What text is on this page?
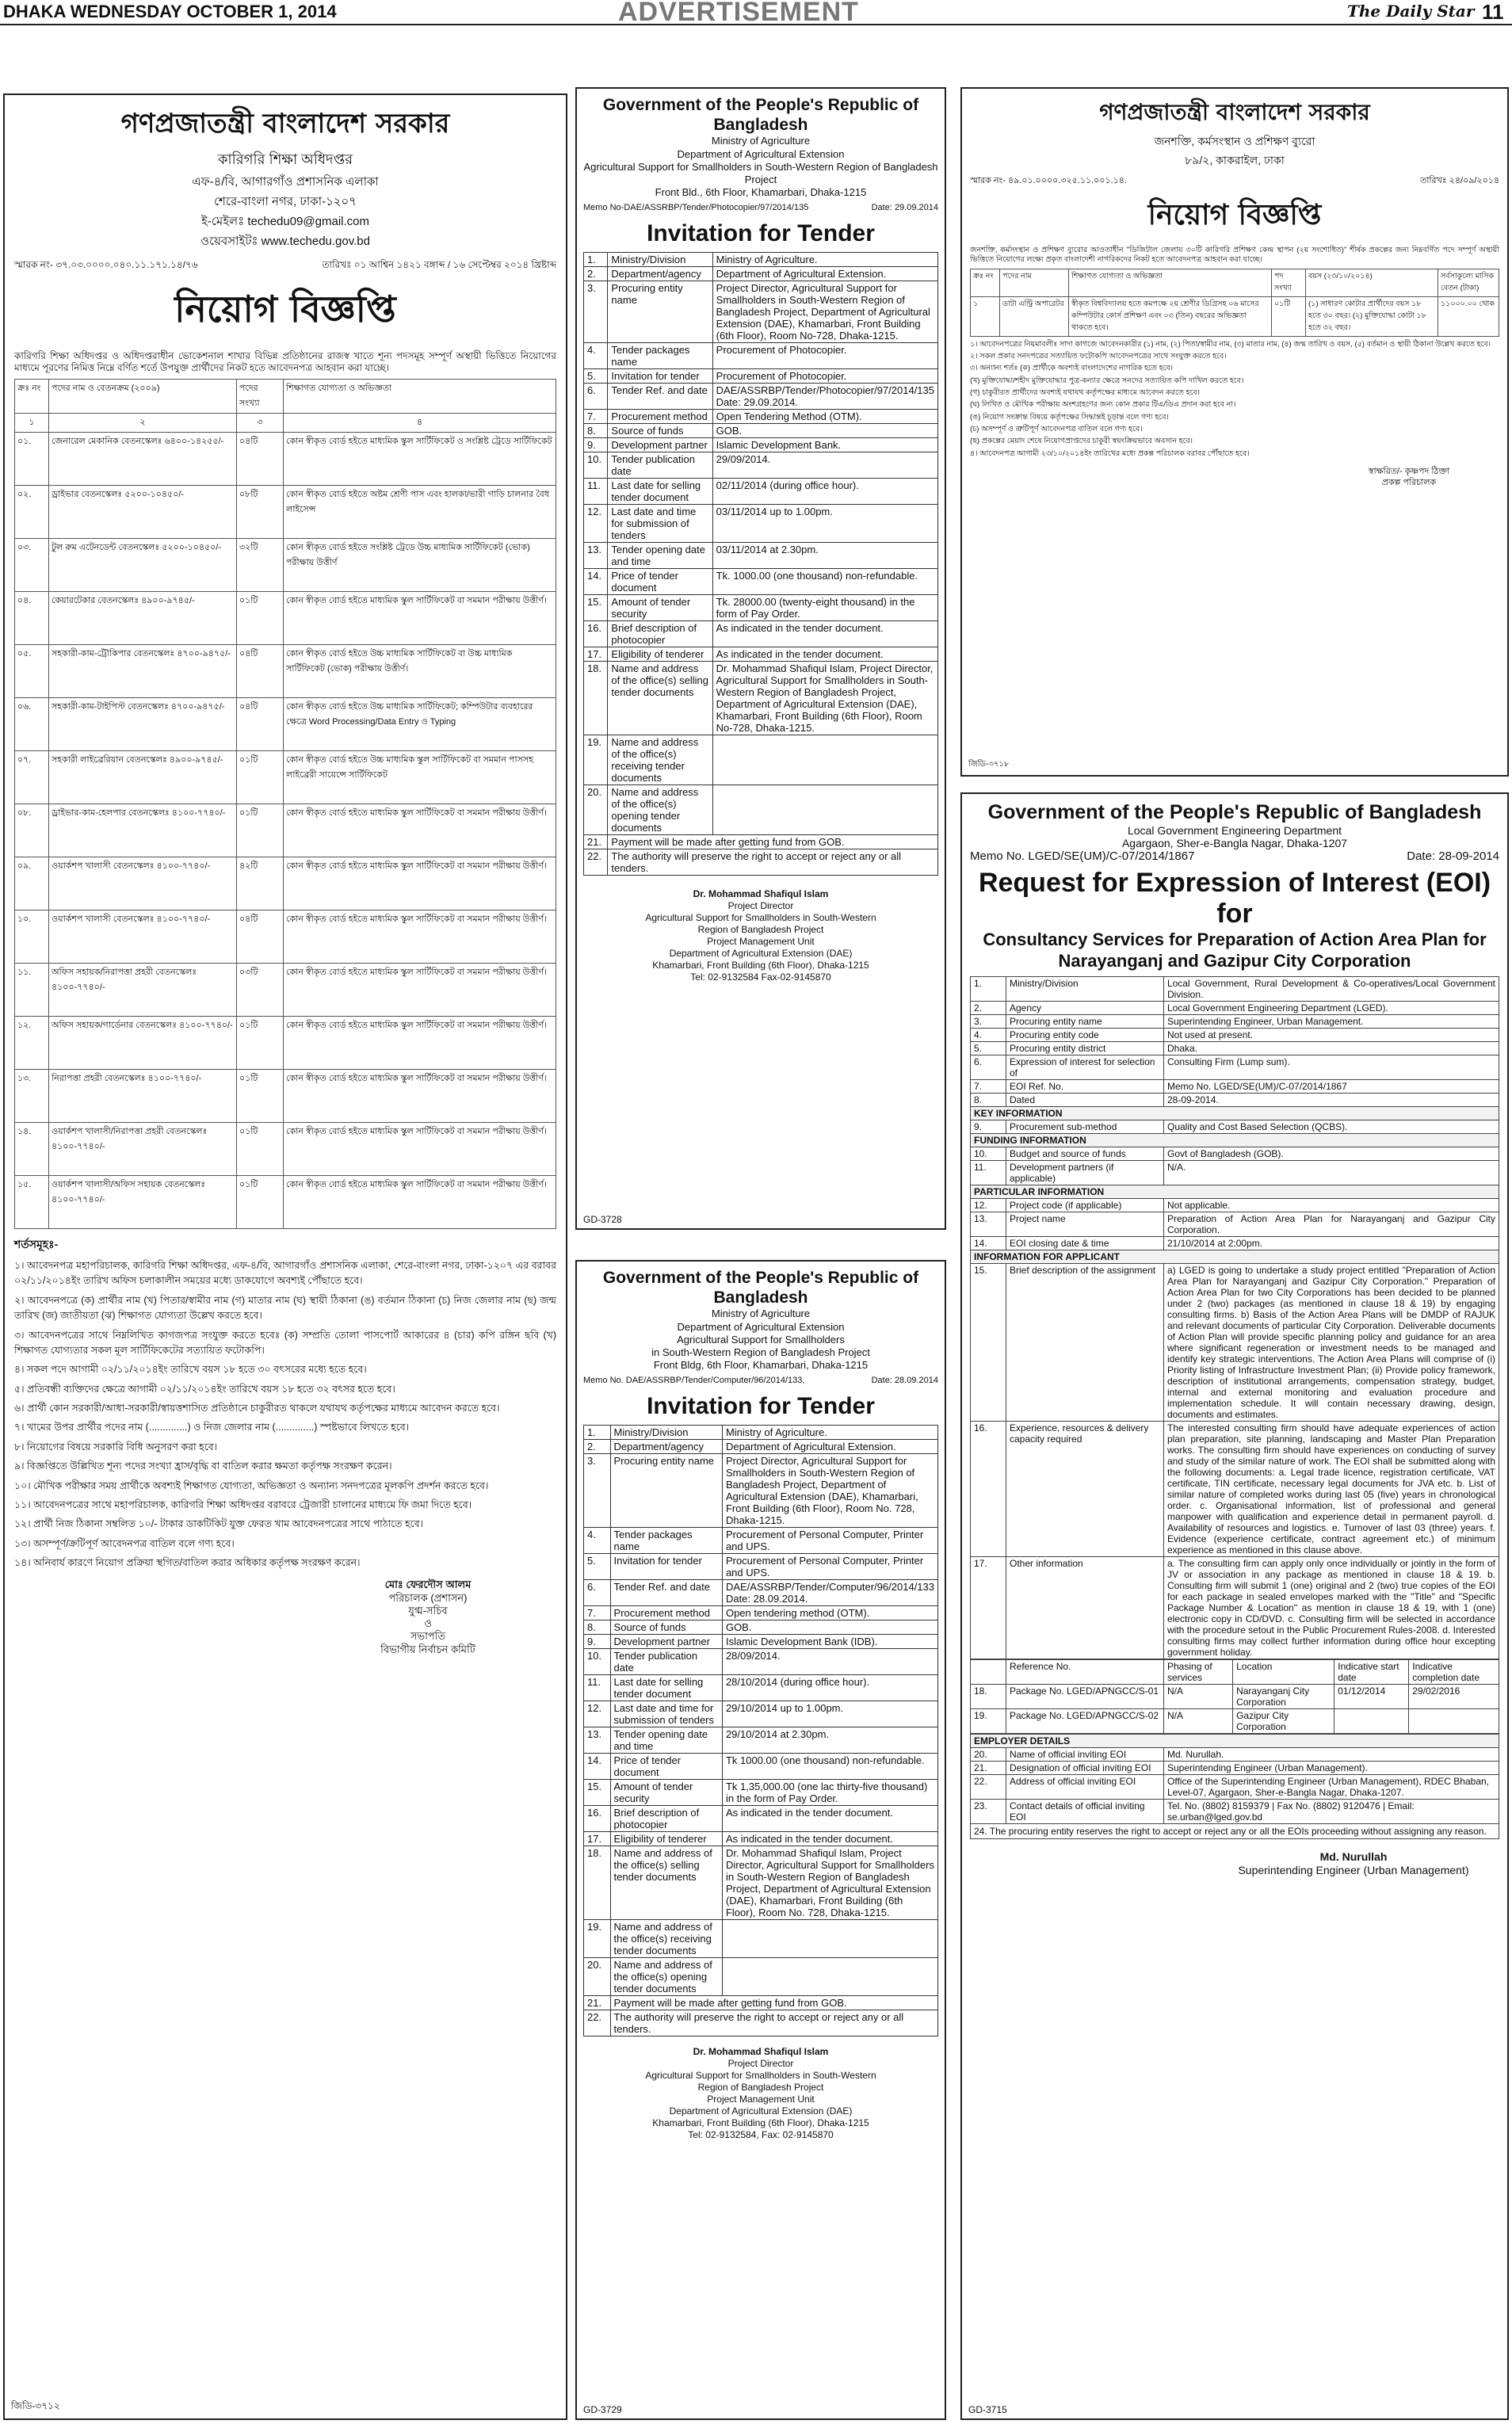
DHAKA WEDNESDAY OCTOBER 1, 2014	ADVERTISEMENT	The Daily Star 11
গণপ্রজাতন্ত্রী বাংলাদেশ সরকার
কারিগরি শিক্ষা অধিদপ্তর
এফ-৪/বি, আগারগাঁও প্রশাসনিক এলাকা
শেরে-বাংলা নগর, ঢাকা-১২০৭
ই-মেইলঃ techedu09@gmail.com
ওয়েবসাইটঃ www.techedu.gov.bd
স্মারক নং- ৩৭.০৩.০০০০.০৪০.১১.১৭১.১৪/৭৬	তারিখঃ ০১ আশ্বিন ১৪২১ বঙ্গাব্দ / ১৬ সেপ্টেম্বর ২০১৪ খ্রিষ্টাব্দ
নিয়োগ বিজ্ঞপ্তি
কারিগরি শিক্ষা অধিদপ্তর ও অধিদপ্তরাধীন ভোকেশনাল শাখার বিভিন্ন প্রতিষ্ঠানের রাজস্ব খাতে শূন্য পদসমূহ সম্পূর্ণ অস্থায়ী ভিত্তিতে নিয়োগের মাধ্যমে পূরণের নিমিত্ত নিম্নে বর্ণিত শর্তে উপযুক্ত প্রার্থীদের নিকট হতে আবেদনপত্র আহবান করা যাচ্ছে।
ক্রঃ নং	পদের নাম ও বেতনক্রম (২০০৯)	পদের সংখ্যা	শিক্ষাগত যোগ্যতা ও অভিজ্ঞতা
১	২	৩	৪
০১.	জেনারেল মেকানিক বেতনস্কেলঃ ৬৪০০-১৪২৫৫/-	০৪টি	কোন স্বীকৃত বোর্ড হইতে মাধ্যমিক স্কুল সার্টিফিকেট ও সংশ্লিষ্ট ট্রেডে সার্টিফিকেট
০২.	ড্রাইভার বেতনস্কেলঃ ৫২০০-১০৪৫০/-	০৮টি	কোন স্বীকৃত বোর্ড হইতে অষ্টম শ্রেণী পাস এবং হালকা/ভারী গাড়ি চালনার বৈধ লাইসেন্স
০৩.	টুল রুম এটেনডেন্ট বেতনস্কেলঃ ৫২০০-১০৪৫০/-	৩২টি	কোন স্বীকৃত বোর্ড হইতে সংশ্লিষ্ট ট্রেডে উচ্চ মাধ্যমিক সার্টিফিকেট (ভোক) পরীক্ষায় উত্তীর্ণ
০৪.	কেয়ারটেকার বেতনস্কেলঃ ৪৯০০-৯৭৪৫/-	০১টি	কোন স্বীকৃত বোর্ড হইতে মাধ্যমিক স্কুল সার্টিফিকেট বা সমমান পরীক্ষায় উত্তীর্ণ।
০৫.	সহকারী-কাম-ট্রৌকিপার বেতনস্কেলঃ ৪৭০০-৯৪৭৫/-	০৪টি	কোন স্বীকৃত বোর্ড হইতে উচ্চ মাধ্যমিক সার্টিফিকেট বা উচ্চ মাধ্যমিক সার্টিফিকেট (ভোক) পরীক্ষায় উত্তীর্ণ।
০৬.	সহকারী-কাম-টাইপিস্ট বেতনস্কেলঃ ৪৭০০-৯৪৭৫/-	০৪টি	কোন স্বীকৃত বোর্ড হইতে উচ্চ মাধ্যমিক সার্টিফিকেট; কম্পিউটার ব্যবহারের ক্ষেত্রে Word Processing/Data Entry ও Typing
০৭.	সহকারী লাইব্রেরিয়ান বেতনস্কেলঃ ৪৯০০-৯৭৪৫/-	০১টি	কোন স্বীকৃত বোর্ড হইতে উচ্চ মাধ্যমিক স্কুল সার্টিফিকেট বা সমমান পাসসহ লাইব্রেরী সায়েন্সে সার্টিফিকেট
০৮.	ড্রাইভার-কাম-হেলপার বেতনস্কেলঃ ৪১০০-৭৭৪০/-	০১টি	কোন স্বীকৃত বোর্ড হইতে মাধ্যমিক স্কুল সার্টিফিকেট বা সমমান পরীক্ষায় উত্তীর্ণ।
০৯.	ওয়ার্কশপ খালাসী বেতনস্কেলঃ ৪১০০-৭৭৪০/-	৪২টি	কোন স্বীকৃত বোর্ড হইতে মাধ্যমিক স্কুল সার্টিফিকেট বা সমমান পরীক্ষায় উত্তীর্ণ।
১০.	ওয়ার্কশপ খালাসী বেতনস্কেলঃ ৪১০০-৭৭৪০/-	০৪টি	কোন স্বীকৃত বোর্ড হইতে মাধ্যমিক স্কুল সার্টিফিকেট বা সমমান পরীক্ষায় উত্তীর্ণ।
১১.	অফিস সহায়ক/নিরাপত্তা প্রহরী বেতনস্কেলঃ ৪১০০-৭৭৪০/-	০৩টি	কোন স্বীকৃত বোর্ড হইতে মাধ্যমিক স্কুল সার্টিফিকেট বা সমমান পরীক্ষায় উত্তীর্ণ।
১২.	অফিস সহায়ক/গার্ডেনার বেতনস্কেলঃ ৪১০০-৭৭৪০/-	০১টি	কোন স্বীকৃত বোর্ড হইতে মাধ্যমিক স্কুল সার্টিফিকেট বা সমমান পরীক্ষায় উত্তীর্ণ।
১৩.	নিরাপত্তা প্রহরী বেতনস্কেলঃ ৪১০০-৭৭৪০/-	০১টি	কোন স্বীকৃত বোর্ড হইতে মাধ্যমিক স্কুল সার্টিফিকেট বা সমমান পরীক্ষায় উত্তীর্ণ।
১৪.	ওয়ার্কশপ খালাসী/নিরাপত্তা প্রহরী বেতনস্কেলঃ ৪১০০-৭৭৪০/-	০১টি	কোন স্বীকৃত বোর্ড হইতে মাধ্যমিক স্কুল সার্টিফিকেট বা সমমান পরীক্ষায় উত্তীর্ণ।
১৫.	ওয়ার্কশপ খালাসী/অফিস সহায়ক বেতনস্কেলঃ ৪১০০-৭৭৪০/-	০১টি	কোন স্বীকৃত বোর্ড হইতে মাধ্যমিক স্কুল সার্টিফিকেট বা সমমান পরীক্ষায় উত্তীর্ণ।
শর্তসমূহঃ-
১। আবেদনপত্র মহাপরিচালক, কারিগরি শিক্ষা অধিদপ্তর, এফ-৪/বি, আগারগাঁও প্রশাসনিক এলাকা, শেরে-বাংলা নগর, ঢাকা-১২০৭ এর বরাবর ০২/১১/২০১৪ইং তারিখ অফিস চলাকালীন সময়ের মধ্যে ডাকযোগে অবশ্যই পৌঁছাতে হবে।
২। আবেদনপত্রে (ক) প্রার্থীর নাম (খ) পিতার/স্বামীর নাম (গ) মাতার নাম (ঘ) স্থায়ী ঠিকানা (ঙ) বর্তমান ঠিকানা (চ) নিজ জেলার নাম (ছ) জন্ম তারিখ (জ) জাতীয়তা (ঝ) শিক্ষাগত যোগ্যতা উল্লেখ করতে হবে।
৩। আবেদনপত্রের সাথে নিম্নলিখিত কাগজপত্র সংযুক্ত করতে হবেঃ (ক) সম্প্রতি তোলা পাসপোর্ট আকারের ৪ (চার) কপি রঙ্গিন ছবি (খ) শিক্ষাগত যোগ্যতার সকল মূল সার্টিফিকেটের সত্যায়িত ফটোকপি।
৪। সকল পদে আগামী ০২/১১/২০১৪ইং তারিখে বয়স ১৮ হতে ৩০ বৎসরের মধ্যে হতে হবে।
৫। প্রতিবন্ধী ব্যক্তিদের ক্ষেত্রে আগামী ০২/১১/২০১৪ইং তারিখে বয়স ১৮ হতে ৩২ বৎসর হতে হবে।
৬। প্রার্থী কোন সরকারী/আধা-সরকারী/স্বায়ত্তশাসিত প্রতিষ্ঠানে চাকুরীরত থাকলে যথাযথ কর্তৃপক্ষের মাধ্যমে আবেদন করতে হবে।
৭। খামের উপর প্রার্থীর পদের নাম (..............) ও নিজ জেলার নাম (..............) স্পষ্টভাবে লিখতে হবে।
৮। নিয়োগের বিষয়ে সরকারি বিধি অনুসরণ করা হবে।
৯। বিজ্ঞপ্তিতে উল্লিখিত শূন্য পদের সংখ্যা হ্রাস/বৃদ্ধি বা বাতিল করার ক্ষমতা কর্তৃপক্ষ সংরক্ষণ করেন।
১০। মৌখিক পরীক্ষার সময় প্রার্থীকে অবশ্যই শিক্ষাগত যোগ্যতা, অভিজ্ঞতা ও অন্যান্য সনদপত্রের মূলকপি প্রদর্শন করতে হবে।
১১। আবেদনপত্রের সাথে মহাপরিচালক, কারিগরি শিক্ষা অধিদপ্তর বরাবরে ট্রেজারী চালানের মাধ্যমে ফি জমা দিতে হবে।
১২। প্রার্থী নিজ ঠিকানা সম্বলিত ১০/- টাকার ডাকটিকিট যুক্ত ফেরত খাম আবেদনপত্রের সাথে পাঠাতে হবে।
১৩। অসম্পূর্ণ/ক্রটিপূর্ণ আবেদনপত্র বাতিল বলে গণ্য হবে।
১৪। অনিবার্য কারণে নিয়োগ প্রক্রিয়া স্থগিত/বাতিল করার অধিকার কর্তৃপক্ষ সংরক্ষণ করেন।
মোঃ ফেরদৌস আলম
পরিচালক (প্রশাসন)
যুগ্ম-সচিব
ও
সভাপতি
বিভাগীয় নির্বাচন কমিটি
জিডি-৩৭১২
Government of the People's Republic of Bangladesh
Ministry of Agriculture
Department of Agricultural Extension
Agricultural Support for Smallholders in South-Western Region of Bangladesh Project
Front Bld., 6th Floor, Khamarbari, Dhaka-1215
Memo No-DAE/ASSRBP/Tender/Photocopier/97/2014/135	Date: 29.09.2014
Invitation for Tender
1.	Ministry/Division	Ministry of Agriculture.
2.	Department/agency	Department of Agricultural Extension.
3.	Procuring entity name	Project Director, Agricultural Support for Smallholders in South-Western Region of Bangladesh Project, Department of Agricultural Extension (DAE), Khamarbari, Front Building (6th Floor), Room No-728, Dhaka-1215.
4.	Tender packages name	Procurement of Photocopier.
5.	Invitation for tender	Procurement of Photocopier.
6.	Tender Ref. and date	DAE/ASSRBP/Tender/Photocopier/97/2014/135 Date: 29.09.2014.
7.	Procurement method	Open Tendering Method (OTM).
8.	Source of funds	GOB.
9.	Development partner	Islamic Development Bank.
10.	Tender publication date	29/09/2014.
11.	Last date for selling tender document	02/11/2014 (during office hour).
12.	Last date and time for submission of tenders	03/11/2014 up to 1.00pm.
13.	Tender opening date and time	03/11/2014 at 2.30pm.
14.	Price of tender document	Tk. 1000.00 (one thousand) non-refundable.
15.	Amount of tender security	Tk. 28000.00 (twenty-eight thousand) in the form of Pay Order.
16.	Brief description of photocopier	As indicated in the tender document.
17.	Eligibility of tenderer	As indicated in the tender document.
18.	Name and address of the office(s) selling tender documents	Dr. Mohammad Shafiqul Islam, Project Director, Agricultural Support for Smallholders in South-Western Region of Bangladesh Project, Department of Agricultural Extension (DAE), Khamarbari, Front Building (6th Floor), Room No-728, Dhaka-1215.
19.	Name and address of the office(s) receiving tender documents	
20.	Name and address of the office(s) opening tender documents	
21.	Payment will be made after getting fund from GOB.	
22.	The authority will preserve the right to accept or reject any or all tenders.	
Dr. Mohammad Shafiqul Islam
Project Director
Agricultural Support for Smallholders in South-Western
Region of Bangladesh Project
Project Management Unit
Department of Agricultural Extension (DAE)
Khamarbari, Front Building (6th Floor), Dhaka-1215
Tel: 02-9132584 Fax-02-9145870
GD-3728
Government of the People's Republic of Bangladesh
Ministry of Agriculture
Department of Agricultural Extension
Agricultural Support for Smallholders
in South-Western Region of Bangladesh Project
Front Bldg, 6th Floor, Khamarbari, Dhaka-1215
Memo No. DAE/ASSRBP/Tender/Computer/96/2014/133,	Date: 28.09.2014
Invitation for Tender
1.	Ministry/Division	Ministry of Agriculture.
2.	Department/agency	Department of Agricultural Extension.
3.	Procuring entity name	Project Director, Agricultural Support for Smallholders in South-Western Region of Bangladesh Project, Department of Agricultural Extension (DAE), Khamarbari, Front Building (6th Floor), Room No. 728, Dhaka-1215.
4.	Tender packages name	Procurement of Personal Computer, Printer and UPS.
5.	Invitation for tender	Procurement of Personal Computer, Printer and UPS.
6.	Tender Ref. and date	DAE/ASSRBP/Tender/Computer/96/2014/133 Date: 28.09.2014.
7.	Procurement method	Open tendering method (OTM).
8.	Source of funds	GOB.
9.	Development partner	Islamic Development Bank (IDB).
10.	Tender publication date	28/09/2014.
11.	Last date for selling tender document	28/10/2014 (during office hour).
12.	Last date and time for submission of tenders	29/10/2014 up to 1.00pm.
13.	Tender opening date and time	29/10/2014 at 2.30pm.
14.	Price of tender document	Tk 1000.00 (one thousand) non-refundable.
15.	Amount of tender security	Tk 1,35,000.00 (one lac thirty-five thousand) in the form of Pay Order.
16.	Brief description of photocopier	As indicated in the tender document.
17.	Eligibility of tenderer	As indicated in the tender document.
18.	Name and address of the office(s) selling tender documents	Dr. Mohammad Shafiqul Islam, Project Director, Agricultural Support for Smallholders in South-Western Region of Bangladesh Project, Department of Agricultural Extension (DAE), Khamarbari, Front Building (6th Floor), Room No. 728, Dhaka-1215.
19.	Name and address of the office(s) receiving tender documents	
20.	Name and address of the office(s) opening tender documents	
21.	Payment will be made after getting fund from GOB.	
22.	The authority will preserve the right to accept or reject any or all tenders.	
Dr. Mohammad Shafiqul Islam
Project Director
Agricultural Support for Smallholders in South-Western
Region of Bangladesh Project
Project Management Unit
Department of Agricultural Extension (DAE)
Khamarbari, Front Building (6th Floor), Dhaka-1215
Tel: 02-9132584, Fax: 02-9145870
GD-3729
গণপ্রজাতন্ত্রী বাংলাদেশ সরকার
জনশক্তি, কর্মসংস্থান ও প্রশিক্ষণ ব্যুরো
৮৯/২, কাকরাইল, ঢাকা
স্মারক নং- ৪৯.০১.০০০০.৩২৫.১১.০০১.১৪.	তারিখঃ ২৪/০৯/২০১৪
নিয়োগ বিজ্ঞপ্তি
জনশক্তি, কর্মসংস্থান ও প্রশিক্ষণ ব্যুরোর আওতাধীন "ডিজিটাল জেলায় ৩০টি কারিগরি প্রশিক্ষণ কেন্দ্র স্থাপন (২য় সংশোধিত)" শীর্ষক প্রকল্পের জন্য নিম্নবর্ণিত পদে সম্পূর্ণ অস্থায়ী ভিত্তিতে নিয়োগের লক্ষ্যে প্রকৃত বাংলাদেশী নাগরিকদের নিকট হতে আবেদনপত্র আহবান করা যাচ্ছে।
ক্রঃ নং	পদের নাম	শিক্ষাগত যোগ্যতা ও অভিজ্ঞতা	পদ সংখ্যা	বয়স (২৩/১০/২০১৪)	সর্বসাকুল্যে মাসিক বেতন (টাকা)
১	ডাটা এন্ট্রি অপারেটর	স্বীকৃত বিশ্ববিদ্যালয় হতে কমপক্ষে ২য় শ্রেণীর ডিগ্রিসহ ০৬ মাসের কম্পিউটার কোর্স প্রশিক্ষণ এবং ০৩ (তিন) বছরের অভিজ্ঞতা থাকতে হবে।	০১টি	(১) সাধারণ কোটার প্রার্থীদের বয়স ১৮ হতে ৩০ বছর। (২) মুক্তিযোদ্ধা কোটা ১৮ হতে ৩২ বছর।	১১০০০.০০ থোক
১। আবেদনপত্রের নিয়মাবলীঃ সাদা কাগজে আবেদনকারীর (১) নাম, (২) পিতা/স্বামীর নাম, (৩) মাতার নাম, (৪) জন্ম তারিখ ও বয়স, (৫) বর্তমান ও স্থায়ী ঠিকানা উল্লেখ করতে হবে।
২। সকল প্রকার সনদপত্রের সত্যায়িত ফটোকপি আবেদনপত্রের সাথে সংযুক্ত করতে হবে।
৩। অন্যান্য শর্তঃ (ক) প্রার্থীকে অবশ্যই বাংলাদেশের নাগরিক হতে হবে।
(খ) মুক্তিযোদ্ধা/শহীদ মুক্তিযোদ্ধার পুত্র-কন্যার ক্ষেত্রে সনদের সত্যায়িত কপি দাখিল করতে হবে।
(গ) চাকুরীরত প্রার্থীদের অবশ্যই যথাযথ কর্তৃপক্ষের মাধ্যমে আবেদন করতে হবে।
(ঘ) লিখিত ও মৌখিক পরীক্ষায় অংশগ্রহণের জন্য কোন প্রকার টিএ/ডিএ প্রদান করা হবে না।
(ঙ) নিয়োগ সংক্রান্ত বিষয়ে কর্তৃপক্ষের সিদ্ধান্তই চূড়ান্ত বলে গণ্য হবে।
(চ) অসম্পূর্ণ ও ত্রুটিপূর্ণ আবেদনপত্র বাতিল বলে গণ্য হবে।
(ছ) প্রকল্পের মেয়াদ শেষে নিয়োগপ্রাপ্তদের চাকুরী স্বয়ংক্রিয়ভাবে অবসান হবে।
৪। আবেদনপত্র আগামী ২৩/১০/২০১৪ইং তারিখের মধ্যে প্রকল্প পরিচালক বরাবর পৌঁছাতে হবে।
স্বাক্ষরিত/- কৃষ্ণপদ ঠিক্তা
প্রকল্প পরিচালক
জিডি-৩৭১৮
Government of the People's Republic of Bangladesh
Local Government Engineering Department
Agargaon, Sher-e-Bangla Nagar, Dhaka-1207
Memo No. LGED/SE(UM)/C-07/2014/1867	Date: 28-09-2014
Request for Expression of Interest (EOI)
for
Consultancy Services for Preparation of Action Area Plan for Narayanganj and Gazipur City Corporation
1.	Ministry/Division	Local Government, Rural Development & Co-operatives/Local Government Division.
2.	Agency	Local Government Engineering Department (LGED).
3.	Procuring entity name	Superintending Engineer, Urban Management.
4.	Procuring entity code	Not used at present.
5.	Procuring entity district	Dhaka.
6.	Expression of interest for selection of	Consulting Firm (Lump sum).
7.	EOI Ref. No.	Memo No. LGED/SE(UM)/C-07/2014/1867
8.	Dated	28-09-2014.
KEY INFORMATION		
9.	Procurement sub-method	Quality and Cost Based Selection (QCBS).
FUNDING INFORMATION		
10.	Budget and source of funds	Govt of Bangladesh (GOB).
11.	Development partners (if applicable)	N/A.
PARTICULAR INFORMATION		
12.	Project code (if applicable)	Not applicable.
13.	Project name	Preparation of Action Area Plan for Narayanganj and Gazipur City Corporation.
14.	EOI closing date & time	21/10/2014 at 2:00pm.
INFORMATION FOR APPLICANT		
15.	Brief description of the assignment	a) LGED is going to undertake a study project entitled "Preparation of Action Area Plan for Narayanganj and Gazipur City Corporation." Preparation of Action Area Plan for two City Corporations has been decided to be planned under 2 (two) packages (as mentioned in clause 18 & 19) by engaging consulting firms. b) Basis of the Action Area Plans will be DMDP of RAJUK and relevant documents of particular City Corporation. Deliverable documents of Action Plan will provide specific planning policy and guidance for an area where significant regeneration or investment needs to be managed and identify key strategic interventions. The Action Area Plans will comprise of (i) Priority listing of Infrastructure Investment Plan; (ii) Provide policy framework, description of institutional arrangements, compensation strategy, budget, internal and external monitoring and evaluation procedure and implementation schedule. It will contain necessary drawing, design, documents and estimates.
16.	Experience, resources & delivery capacity required	The interested consulting firm should have adequate experiences of action plan preparation, site planning, landscaping and Master Plan Preparation works. The consulting firm should have experiences on conducting of survey and study of the similar nature of work. The EOI shall be submitted along with the following documents: a. Legal trade licence, registration certificate, VAT certificate, TIN certificate, necessary legal documents for JVA etc. b. List of similar nature of completed works during last 05 (five) years in chronological order. c. Organisational information, list of professional and general manpower with qualification and experience detail in permanent payroll. d. Availability of resources and logistics. e. Turnover of last 03 (three) years. f. Evidence (experience certificate, contract agreement etc.) of minimum experience as mentioned in this clause above.
17.	Other information	a. The consulting firm can apply only once individually or jointly in the form of JV or association in any package as mentioned in clause 18 & 19. b. Consulting firm will submit 1 (one) original and 2 (two) true copies of the EOI for each package in sealed envelopes marked with the "Title" and "Specific Package Number & Location" as mention in clause 18 & 19, with 1 (one) electronic copy in CD/DVD. c. Consulting firm will be selected in accordance with the procedure setout in the Public Procurement Rules-2008. d. Interested consulting firms may collect further information during office hour excepting government holiday.
	Reference No.	Phasing of services	Location	Indicative start date	Indicative completion date
18.	Package No. LGED/APNGCC/S-01	N/A	Narayanganj City Corporation	01/12/2014	29/02/2016
19.	Package No. LGED/APNGCC/S-02	N/A	Gazipur City Corporation		
EMPLOYER DETAILS		
20.	Name of official inviting EOI	Md. Nurullah.
21.	Designation of official inviting EOI	Superintending Engineer (Urban Management).
22.	Address of official inviting EOI	Office of the Superintending Engineer (Urban Management), RDEC Bhaban, Level-07, Agargaon, Sher-e-Bangla Nagar, Dhaka-1207.
23.	Contact details of official inviting EOI	Tel. No. (8802) 8159379 | Fax No. (8802) 9120476 | Email: se.urban@lged.gov.bd
24. The procuring entity reserves the right to accept or reject any or all the EOIs proceeding without assigning any reason.
Md. Nurullah
Superintending Engineer (Urban Management)
GD-3715
